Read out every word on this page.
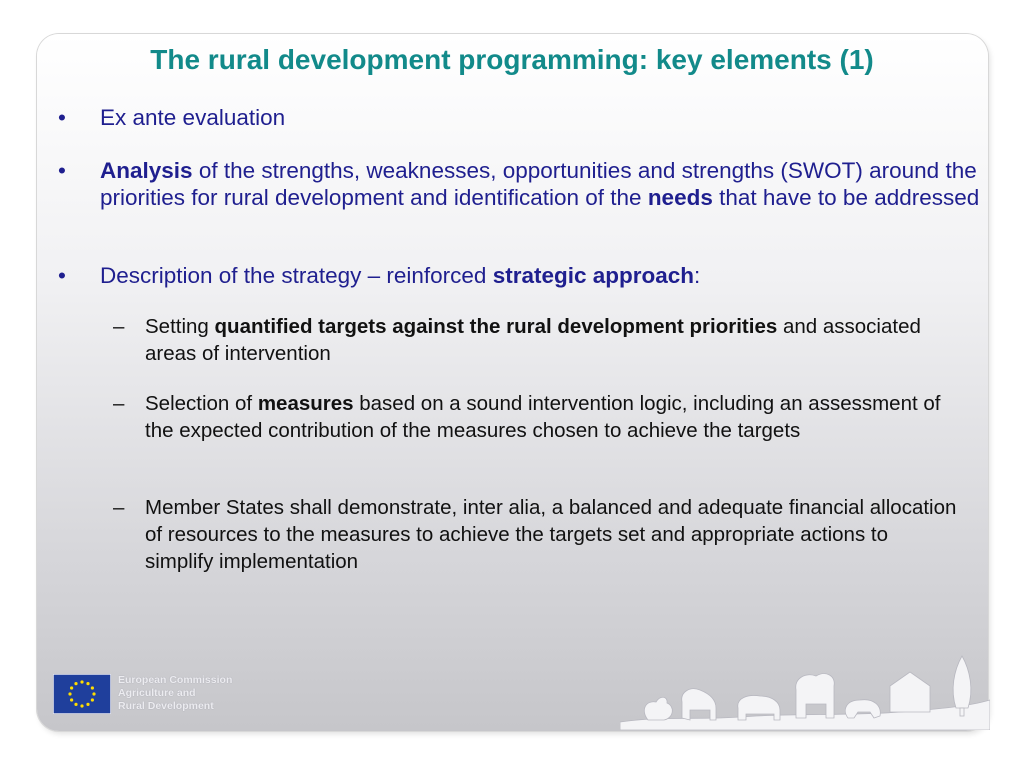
The rural development programming: key elements (1)
• Ex ante evaluation
• Analysis of the strengths, weaknesses, opportunities and strengths (SWOT) around the priorities for rural development and identification of the needs that have to be addressed
• Description of the strategy – reinforced strategic approach:
– Setting quantified targets against the rural development priorities and associated areas of intervention
– Selection of measures based on a sound intervention logic, including an assessment of the expected contribution of the measures chosen to achieve the targets
– Member States shall demonstrate, inter alia, a balanced and adequate financial allocation of resources to the measures to achieve the targets set and appropriate actions to simplify implementation
European Commission
Agriculture and
Rural Development
